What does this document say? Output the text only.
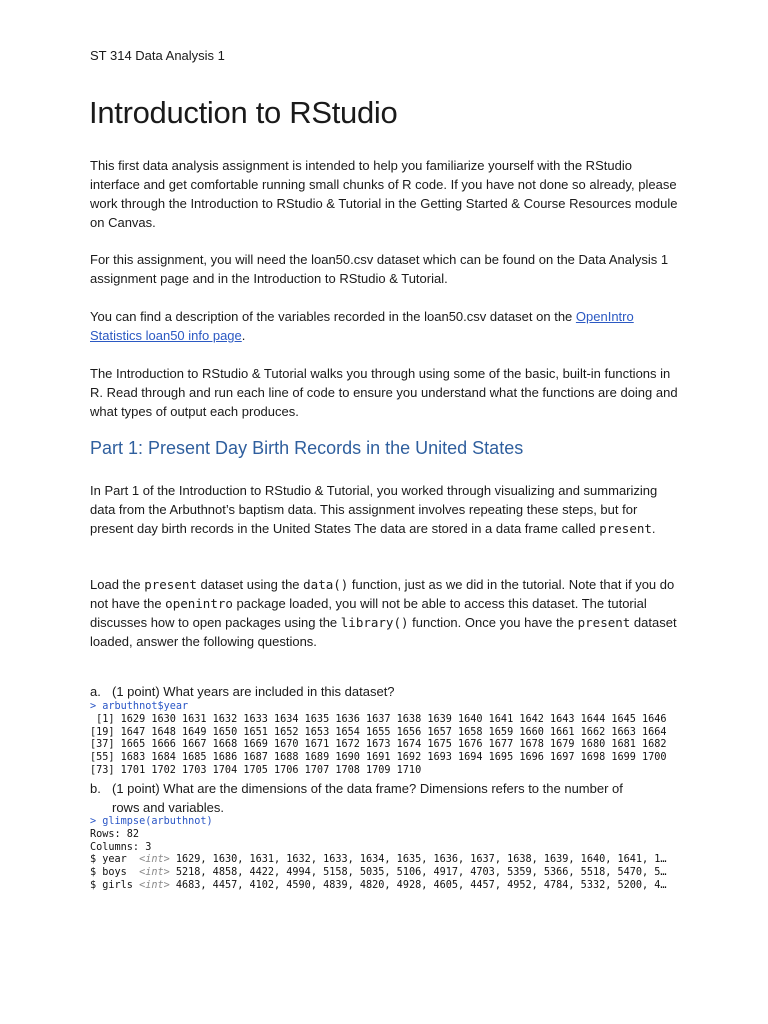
ST 314 Data Analysis 1
Introduction to RStudio

This first data analysis assignment is intended to help you familiarize yourself with the RStudio interface and get comfortable running small chunks of R code. If you have not done so already, please work through the Introduction to RStudio & Tutorial in the Getting Started & Course Resources module on Canvas.

For this assignment, you will need the loan50.csv dataset which can be found on the Data Analysis 1 assignment page and in the Introduction to RStudio & Tutorial.

You can find a description of the variables recorded in the loan50.csv dataset on the OpenIntro Statistics loan50 info page.

The Introduction to RStudio & Tutorial walks you through using some of the basic, built-in functions in R. Read through and run each line of code to ensure you understand what the functions are doing and what types of output each produces.

Part 1: Present Day Birth Records in the United States

In Part 1 of the Introduction to RStudio & Tutorial, you worked through visualizing and summarizing data from the Arbuthnot’s baptism data. This assignment involves repeating these steps, but for present day birth records in the United States The data are stored in a data frame called present.

Load the present dataset using the data() function, just as we did in the tutorial. Note that if you do not have the openintro package loaded, you will not be able to access this dataset. The tutorial discusses how to open packages using the library() function. Once you have the present dataset loaded, answer the following questions.

a. (1 point) What years are included in this dataset?

> arbuthnot$year
[1] 1629 1630 1631 1632 1633 1634 1635 1636 1637 1638 1639 1640 1641 1642 1643 1644 1645 1646
[19] 1647 1648 1649 1650 1651 1652 1653 1654 1655 1656 1657 1658 1659 1660 1661 1662 1663 1664
[37] 1665 1666 1667 1668 1669 1670 1671 1672 1673 1674 1675 1676 1677 1678 1679 1680 1681 1682
[55] 1683 1684 1685 1686 1687 1688 1689 1690 1691 1692 1693 1694 1695 1696 1697 1698 1699 1700
[73] 1701 1702 1703 1704 1705 1706 1707 1708 1709 1710
b. (1 point) What are the dimensions of the data frame? Dimensions refers to the number of
rows and variables.
> glimpse(arbuthnot)
Rows: 82
Columns: 3
$ year  <int> 1629, 1630, 1631, 1632, 1633, 1634, 1635, 1636, 1637, 1638, 1639, 1640, 1641, 1…
$ boys  <int> 5218, 4858, 4422, 4994, 5158, 5035, 5106, 4917, 4703, 5359, 5366, 5518, 5470, 5…
$ girls <int> 4683, 4457, 4102, 4590, 4839, 4820, 4928, 4605, 4457, 4952, 4784, 5332, 5200, 4…
